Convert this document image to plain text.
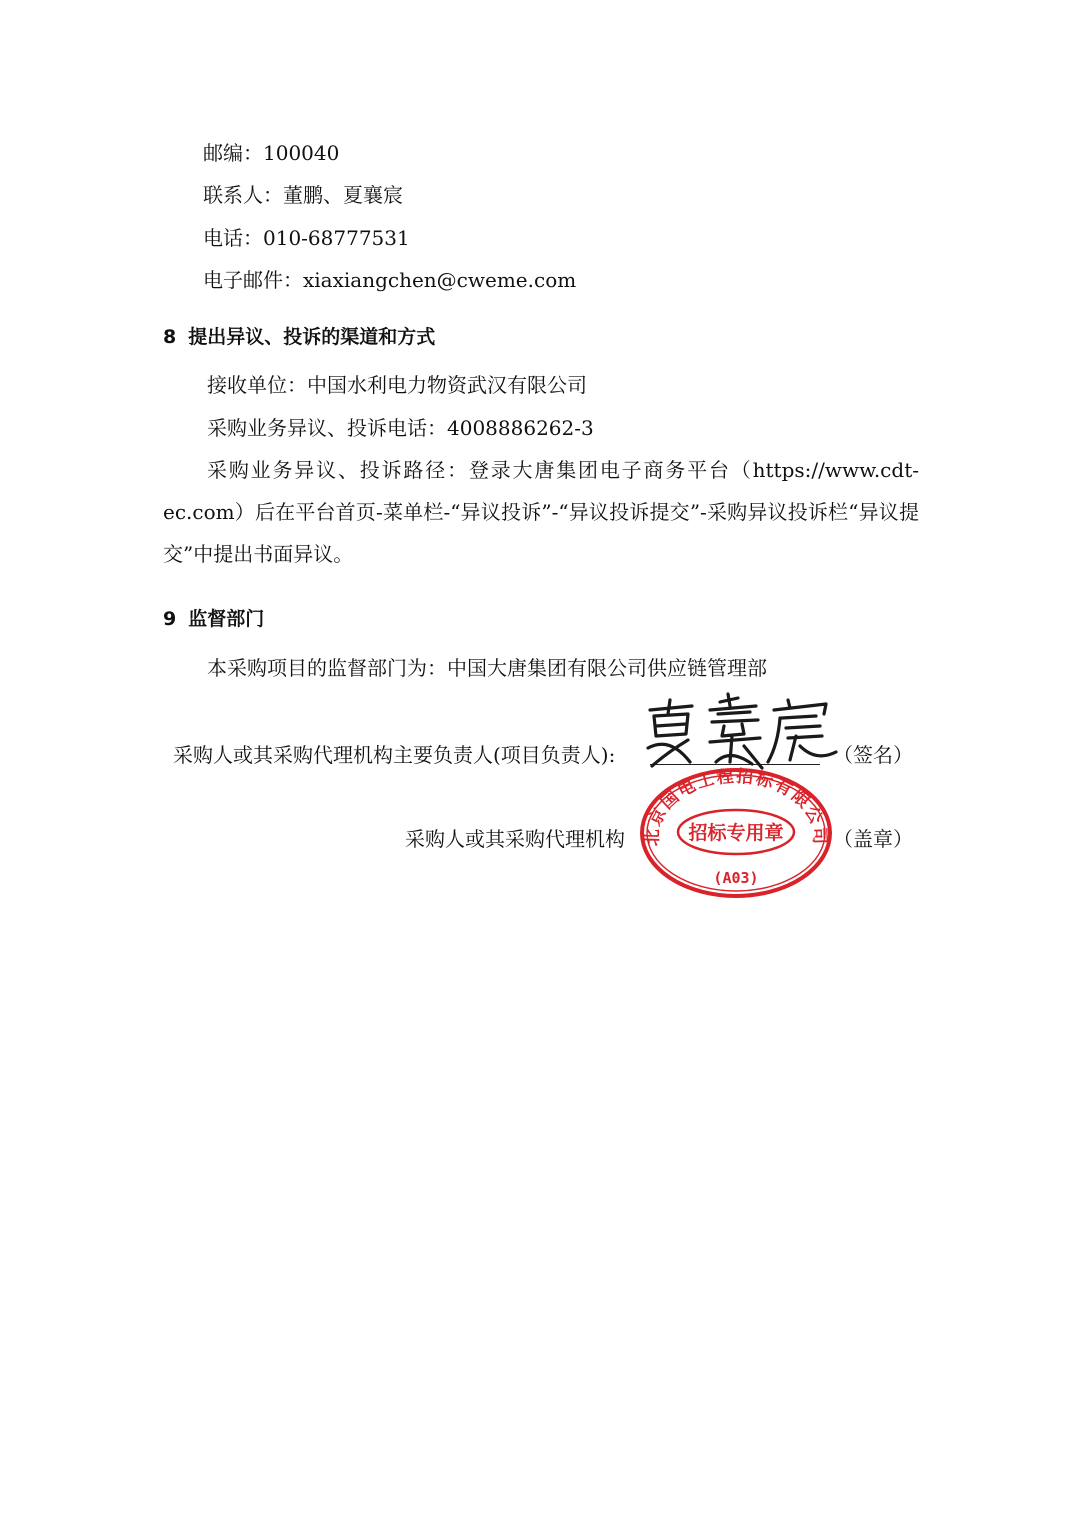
邮编：100040
联系人：董鹏、夏襄宸
电话：010-68777531
电子邮件：xiaxiangchen@cweme.com
8 提出异议、投诉的渠道和方式
接收单位：中国水利电力物资武汉有限公司
采购业务异议、投诉电话：4008886262-3
采购业务异议、投诉路径：登录大唐集团电子商务平台（https://www.cdt-ec.com）后在平台首页-菜单栏-“异议投诉”-“异议投诉提交”-采购异议投诉栏“异议提交”中提出书面异议。
9 监督部门
本采购项目的监督部门为：中国大唐集团有限公司供应链管理部
采购人或其采购代理机构主要负责人(项目负责人):	（签名）
采购人或其采购代理机构	（盖章）
北京国电工程招标有限公司
招标专用章
(A03)
